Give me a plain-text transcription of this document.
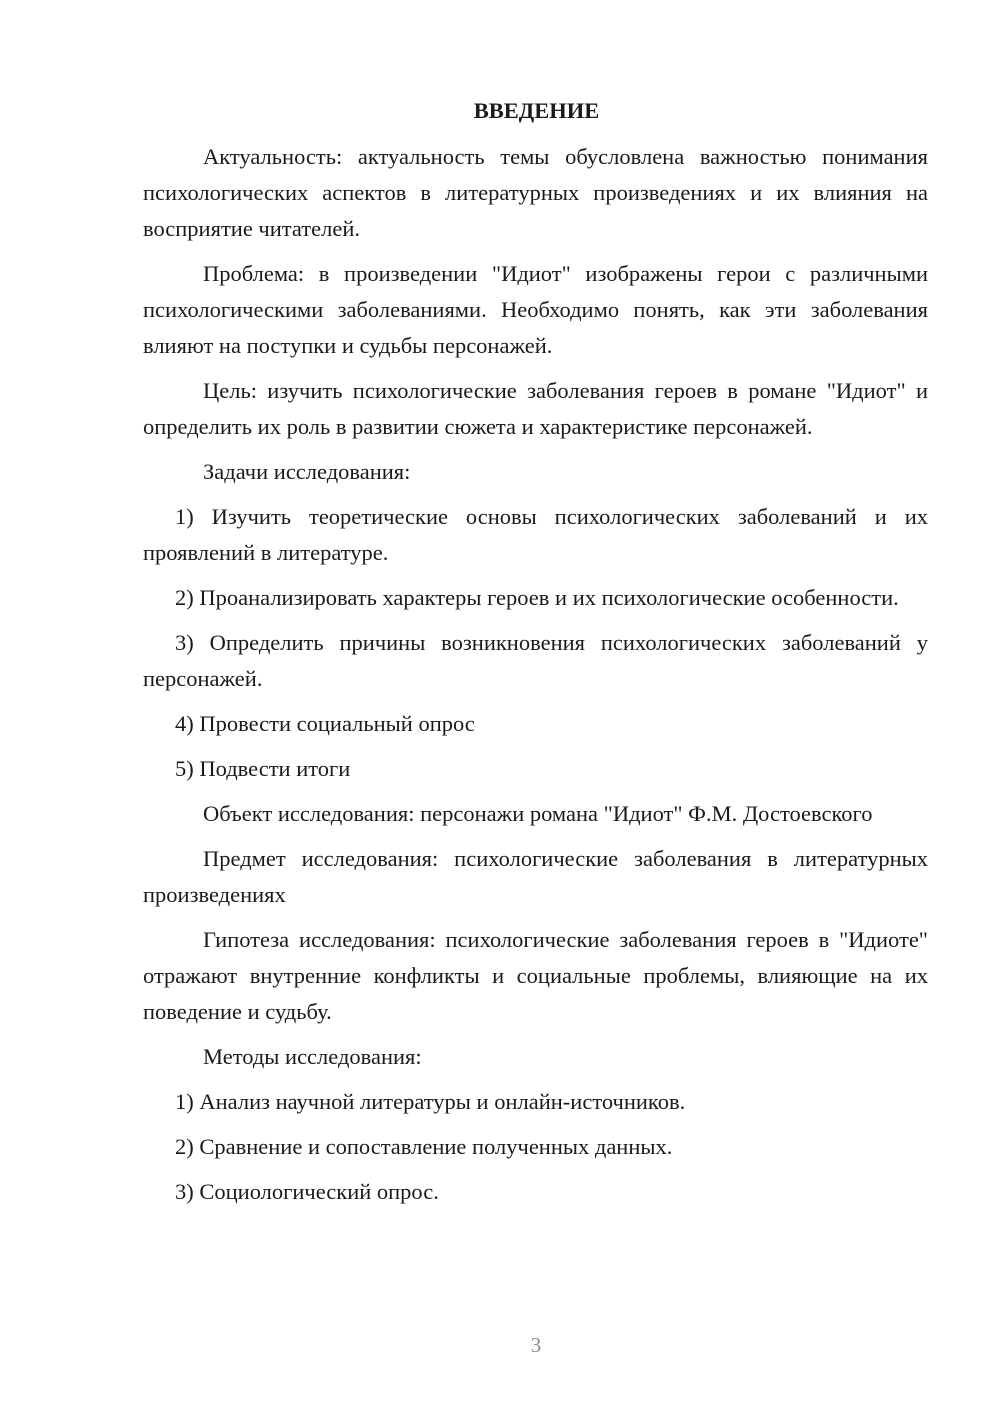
ВВЕДЕНИЕ

Актуальность: актуальность темы обусловлена важностью понимания психологических аспектов в литературных произведениях и их влияния на восприятие читателей.

Проблема: в произведении "Идиот" изображены герои с различными психологическими заболеваниями. Необходимо понять, как эти заболевания влияют на поступки и судьбы персонажей.

Цель: изучить психологические заболевания героев в романе "Идиот" и определить их роль в развитии сюжета и характеристике персонажей.

Задачи исследования:

1) Изучить теоретические основы психологических заболеваний и их проявлений в литературе.

2) Проанализировать характеры героев и их психологические особенности.

3) Определить причины возникновения психологических заболеваний у персонажей.

4) Провести социальный опрос

5) Подвести итоги

Объект исследования: персонажи романа "Идиот" Ф.М. Достоевского

Предмет исследования: психологические заболевания в литературных произведениях

Гипотеза исследования: психологические заболевания героев в "Идиоте" отражают внутренние конфликты и социальные проблемы, влияющие на их поведение и судьбу.

Методы исследования:

1) Анализ научной литературы и онлайн-источников.

2) Сравнение и сопоставление полученных данных.

3) Социологический опрос.

3
